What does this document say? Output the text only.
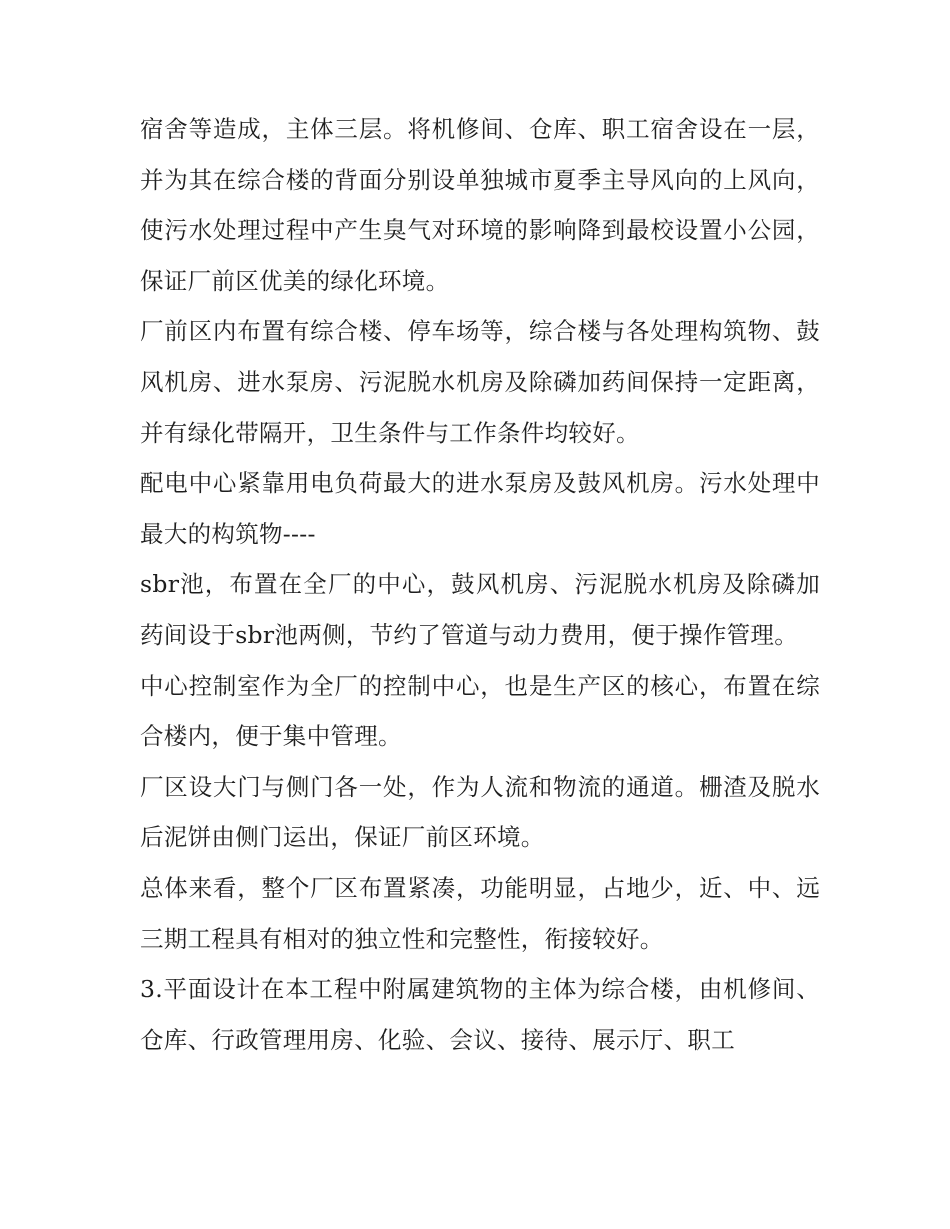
宿舍等造成，主体三层。将机修间、仓库、职工宿舍设在一层，并为其在综合楼的背面分别设单独城市夏季主导风向的上风向，使污水处理过程中产生臭气对环境的影响降到最校设置小公园，保证厂前区优美的绿化环境。

厂前区内布置有综合楼、停车场等，综合楼与各处理构筑物、鼓风机房、进水泵房、污泥脱水机房及除磷加药间保持一定距离，并有绿化带隔开，卫生条件与工作条件均较好。

配电中心紧靠用电负荷最大的进水泵房及鼓风机房。污水处理中最大的构筑物----

sbr池，布置在全厂的中心，鼓风机房、污泥脱水机房及除磷加药间设于sbr池两侧，节约了管道与动力费用，便于操作管理。

中心控制室作为全厂的控制中心，也是生产区的核心，布置在综合楼内，便于集中管理。

厂区设大门与侧门各一处，作为人流和物流的通道。栅渣及脱水后泥饼由侧门运出，保证厂前区环境。

总体来看，整个厂区布置紧凑，功能明显，占地少，近、中、远三期工程具有相对的独立性和完整性，衔接较好。

3.平面设计在本工程中附属建筑物的主体为综合楼，由机修间、仓库、行政管理用房、化验、会议、接待、展示厅、职工
